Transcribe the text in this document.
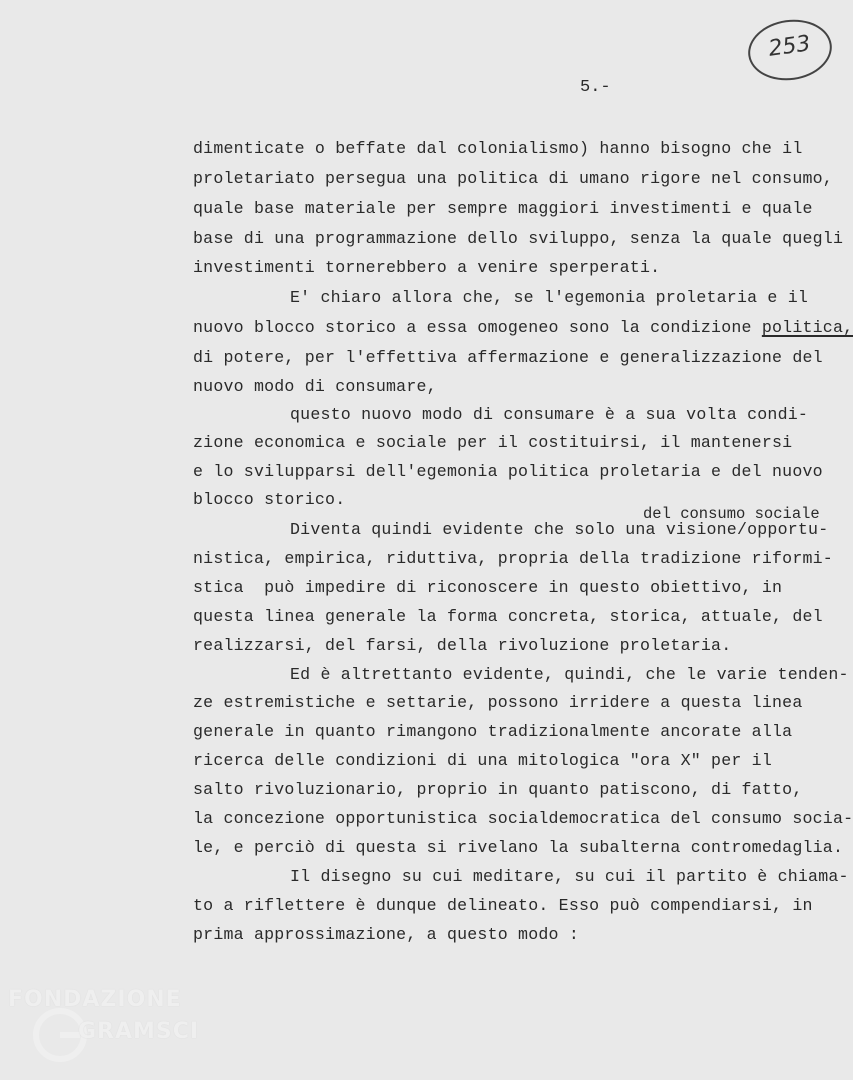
253
5.-
del consumo sociale
dimenticate o beffate dal colonialismo) hanno bisogno che il
proletariato persegua una politica di umano rigore nel consumo,
quale base materiale per sempre maggiori investimenti e quale
base di una programmazione dello sviluppo, senza la quale quegli
investimenti tornerebbero a venire sperperati.
E' chiaro allora che, se l'egemonia proletaria e il
nuovo blocco storico a essa omogeneo sono la condizione politica,
di potere, per l'effettiva affermazione e generalizzazione del
nuovo modo di consumare,
questo nuovo modo di consumare è a sua volta condi-
zione economica e sociale per il costituirsi, il mantenersi
e lo svilupparsi dell'egemonia politica proletaria e del nuovo
blocco storico.
Diventa quindi evidente che solo una visione/opportu-
nistica, empirica, riduttiva, propria della tradizione riformi-
stica  può impedire di riconoscere in questo obiettivo, in
questa linea generale la forma concreta, storica, attuale, del
realizzarsi, del farsi, della rivoluzione proletaria.
Ed è altrettanto evidente, quindi, che le varie tenden-
ze estremistiche e settarie, possono irridere a questa linea
generale in quanto rimangono tradizionalmente ancorate alla
ricerca delle condizioni di una mitologica "ora X" per il
salto rivoluzionario, proprio in quanto patiscono, di fatto,
la concezione opportunistica socialdemocratica del consumo socia-
le, e perciò di questa si rivelano la subalterna contromedaglia.
Il disegno su cui meditare, su cui il partito è chiama-
to a riflettere è dunque delineato. Esso può compendiarsi, in
prima approssimazione, a questo modo :
FONDAZIONE
GRAMSCI
